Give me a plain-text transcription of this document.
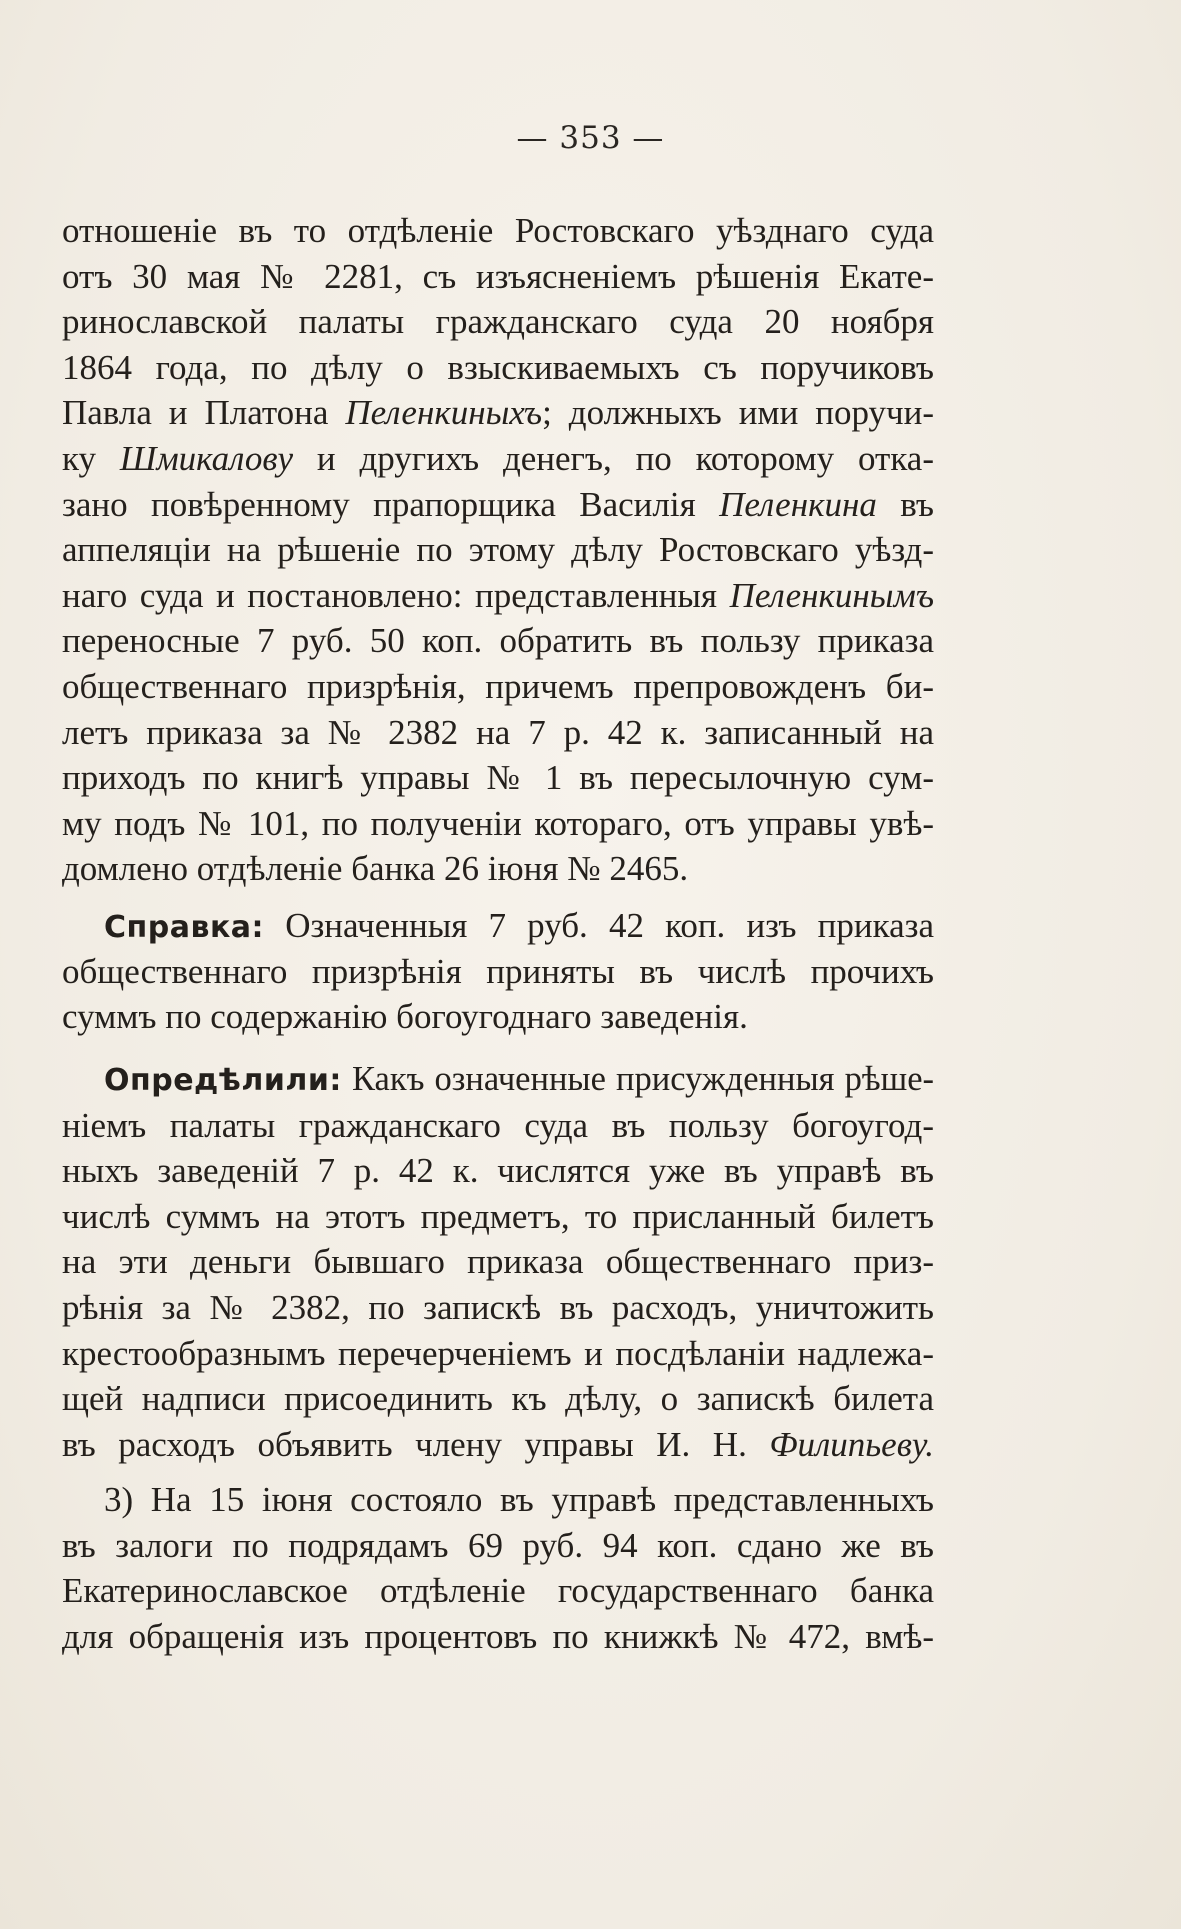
— 353 —
отношеніе въ то отдѣленіе Ростовскаго уѣзднаго суда
отъ 30 мая № 2281, съ изъясненіемъ рѣшенія Екате-
ринославской палаты гражданскаго суда 20 ноября
1864 года, по дѣлу о взыскиваемыхъ съ поручиковъ
Павла и Платона Пеленкиныхъ; должныхъ ими поручи-
ку Шмикалову и другихъ денегъ, по которому отка-
зано повѣренному прапорщика Василія Пеленкина въ
аппеляціи на рѣшеніе по этому дѣлу Ростовскаго уѣзд-
наго суда и постановлено: представленныя Пеленкинымъ
переносные 7 руб. 50 коп. обратить въ пользу приказа
общественнаго призрѣнія, причемъ препровожденъ би-
летъ приказа за № 2382 на 7 р. 42 к. записанный на
приходъ по книгѣ управы № 1 въ пересылочную сум-
му подъ № 101, по полученіи котораго, отъ управы увѣ-
домлено отдѣленіе банка 26 іюня № 2465.
Справка: Означенныя 7 руб. 42 коп. изъ приказа
общественнаго призрѣнія приняты въ числѣ прочихъ
суммъ по содержанію богоугоднаго заведенія.
Опредѣлили: Какъ означенные присужденныя рѣше-
ніемъ палаты гражданскаго суда въ пользу богоугод-
ныхъ заведеній 7 р. 42 к. числятся уже въ управѣ въ
числѣ суммъ на этотъ предметъ, то присланный билетъ
на эти деньги бывшаго приказа общественнаго приз-
рѣнія за № 2382, по запискѣ въ расходъ, уничтожить
крестообразнымъ перечерченіемъ и посдѣланіи надлежа-
щей надписи присоединить къ дѣлу, о запискѣ билета
въ расходъ объявить члену управы И. Н. Филипьеву.
3) На 15 іюня состояло въ управѣ представленныхъ
въ залоги по подрядамъ 69 руб. 94 коп. сдано же въ
Екатеринославское отдѣленіе государственнаго банка
для обращенія изъ процентовъ по книжкѣ № 472, вмѣ-
